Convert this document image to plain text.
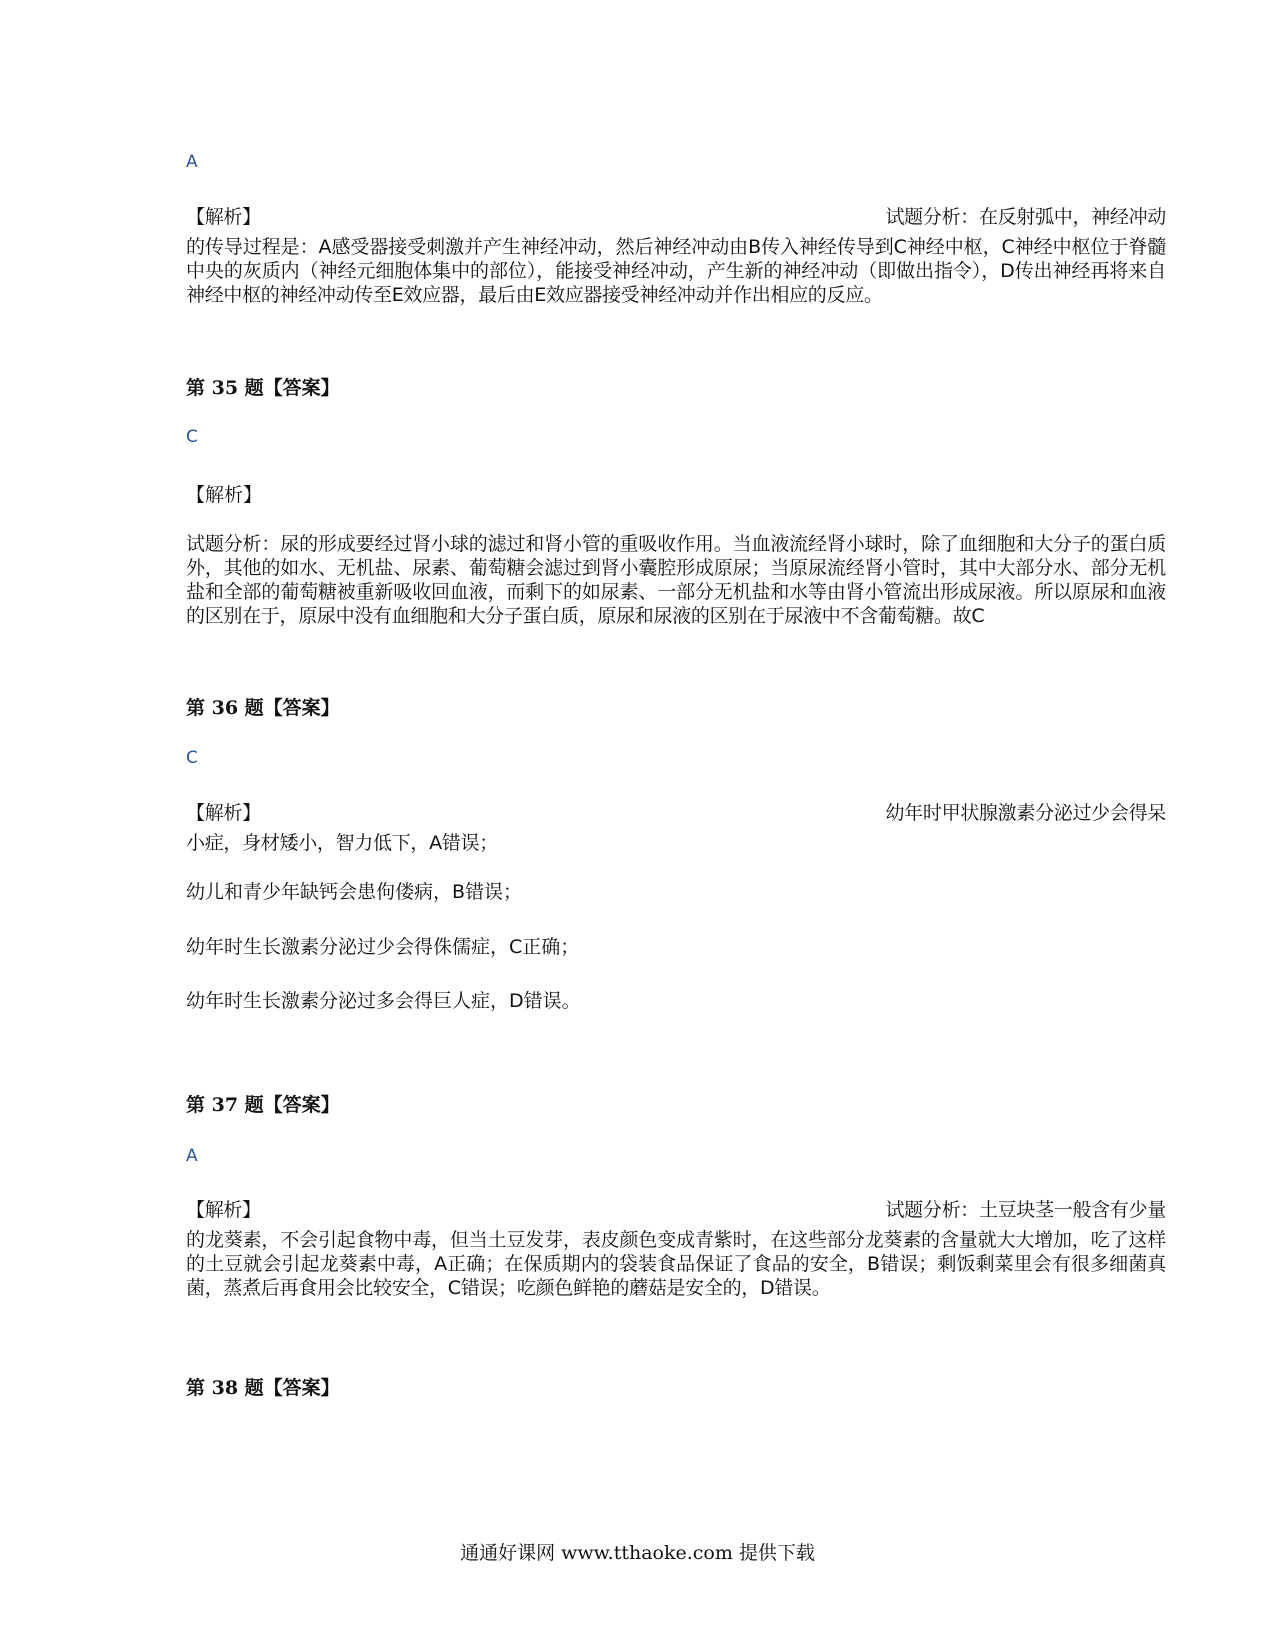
A
【解析】	试题分析：在反射弧中，神经冲动
的传导过程是：A感受器接受刺激并产生神经冲动，然后神经冲动由B传入神经传导到C神经中枢，C神经中枢位于脊髓中央的灰质内（神经元细胞体集中的部位），能接受神经冲动，产生新的神经冲动（即做出指令），D传出神经再将来自神经中枢的神经冲动传至E效应器，最后由E效应器接受神经冲动并作出相应的反应。
第 35 题【答案】
C
【解析】
试题分析：尿的形成要经过肾小球的滤过和肾小管的重吸收作用。当血液流经肾小球时，除了血细胞和大分子的蛋白质外，其他的如水、无机盐、尿素、葡萄糖会滤过到肾小囊腔形成原尿；当原尿流经肾小管时，其中大部分水、部分无机盐和全部的葡萄糖被重新吸收回血液，而剩下的如尿素、一部分无机盐和水等由肾小管流出形成尿液。所以原尿和血液的区别在于，原尿中没有血细胞和大分子蛋白质，原尿和尿液的区别在于尿液中不含葡萄糖。故C
第 36 题【答案】
C
【解析】	幼年时甲状腺激素分泌过少会得呆
小症，身材矮小，智力低下，A错误；
幼儿和青少年缺钙会患佝偻病，B错误；
幼年时生长激素分泌过少会得侏儒症，C正确；
幼年时生长激素分泌过多会得巨人症，D错误。
第 37 题【答案】
A
【解析】	试题分析：土豆块茎一般含有少量
的龙葵素，不会引起食物中毒，但当土豆发芽，表皮颜色变成青紫时，在这些部分龙葵素的含量就大大增加，吃了这样的土豆就会引起龙葵素中毒，A正确；在保质期内的袋装食品保证了食品的安全，B错误；剩饭剩菜里会有很多细菌真菌，蒸煮后再食用会比较安全，C错误；吃颜色鲜艳的蘑菇是安全的，D错误。
第 38 题【答案】
通通好课网 www.tthaoke.com 提供下载
